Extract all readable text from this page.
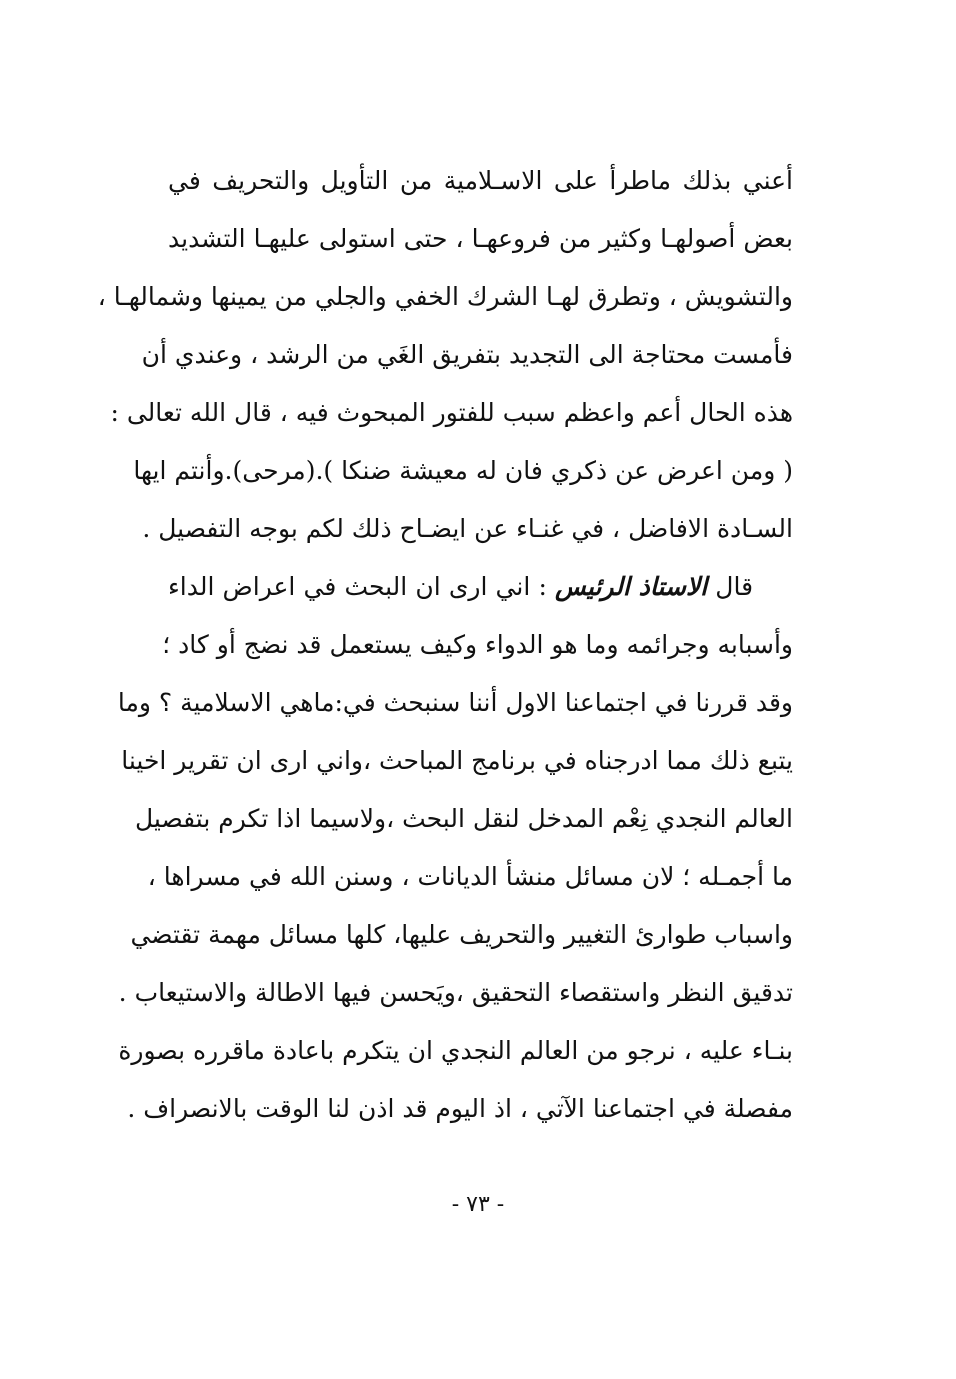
أعني بذلك ماطرأ على الاسـلامية من التأويل والتحريف في
بعض أصولهـا وكثير من فروعهـا ، حتى استولى عليهـا التشديد
والتشويش ، وتطرق لهـا الشرك الخفي والجلي من يمينها وشمالهـا ،
فأمست محتاجة الى التجديد بتفريق الغَي من الرشد ، وعندي أن
هذه الحال أعم واعظم سبب للفتور المبحوث فيه ، قال الله تعالى :
( ومن اعرض عن ذكري فان له معيشة ضنكا ).(مرحى).وأنتم ايها
السـادة الافاضل ، في غنـاء عن ايضـاح ذلك لكم بوجه التفصيل .
قال الاستاذ الرئيس : اني ارى ان البحث في اعراض الداء
وأسبابه وجرائمه وما هو الدواء وكيف يستعمل قد نضج أو كاد ؛
وقد قررنا في اجتماعنا الاول أننا سنبحث في:ماهي الاسلامية ؟ وما
يتبع ذلك مما ادرجناه في برنامج المباحث ،واني ارى ان تقرير اخينا
العالم النجدي نِعْم المدخل لنقل البحث ،ولاسيما اذا تكرم بتفصيل
ما أجمـله ؛ لان مسائل منشأ الديانات ، وسنن الله في مسراها ،
واسباب طوارئ التغيير والتحريف عليها، كلها مسائل مهمة تقتضي
تدقيق النظر واستقصاء التحقيق ،ويَحسن فيها الاطالة والاستيعاب .
بنـاء عليه ، نرجو من العالم النجدي ان يتكرم باعادة ماقرره بصورة
مفصلة في اجتماعنا الآتي ، اذ اليوم قد اذن لنا الوقت بالانصراف .
- ٧٣ -
